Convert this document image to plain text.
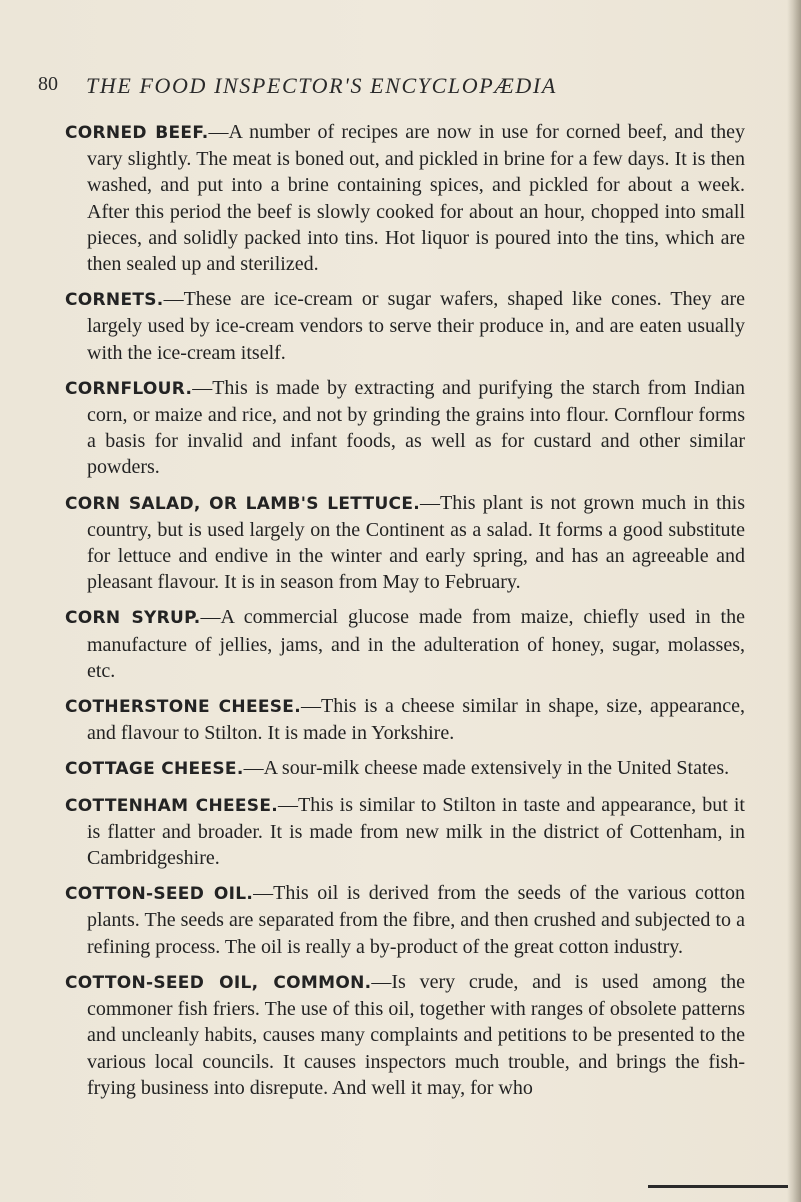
80 THE FOOD INSPECTOR'S ENCYCLOPÆDIA

CORNED BEEF.—A number of recipes are now in use for corned beef, and they vary slightly. The meat is boned out, and pickled in brine for a few days. It is then washed, and put into a brine containing spices, and pickled for about a week. After this period the beef is slowly cooked for about an hour, chopped into small pieces, and solidly packed into tins. Hot liquor is poured into the tins, which are then sealed up and sterilized.

CORNETS.—These are ice-cream or sugar wafers, shaped like cones. They are largely used by ice-cream vendors to serve their produce in, and are eaten usually with the ice-cream itself.

CORNFLOUR.—This is made by extracting and purifying the starch from Indian corn, or maize and rice, and not by grinding the grains into flour. Cornflour forms a basis for invalid and infant foods, as well as for custard and other similar powders.

CORN SALAD, OR LAMB'S LETTUCE.—This plant is not grown much in this country, but is used largely on the Continent as a salad. It forms a good substitute for lettuce and endive in the winter and early spring, and has an agreeable and pleasant flavour. It is in season from May to February.

CORN SYRUP.—A commercial glucose made from maize, chiefly used in the manufacture of jellies, jams, and in the adulteration of honey, sugar, molasses, etc.

COTHERSTONE CHEESE.—This is a cheese similar in shape, size, appearance, and flavour to Stilton. It is made in Yorkshire.

COTTAGE CHEESE.—A sour-milk cheese made extensively in the United States.

COTTENHAM CHEESE.—This is similar to Stilton in taste and appearance, but it is flatter and broader. It is made from new milk in the district of Cottenham, in Cambridgeshire.

COTTON-SEED OIL.—This oil is derived from the seeds of the various cotton plants. The seeds are separated from the fibre, and then crushed and subjected to a refining process. The oil is really a by-product of the great cotton industry.

COTTON-SEED OIL, COMMON.—Is very crude, and is used among the commoner fish friers. The use of this oil, together with ranges of obsolete patterns and uncleanly habits, causes many complaints and petitions to be presented to the various local councils. It causes inspectors much trouble, and brings the fish-frying business into disrepute. And well it may, for who
